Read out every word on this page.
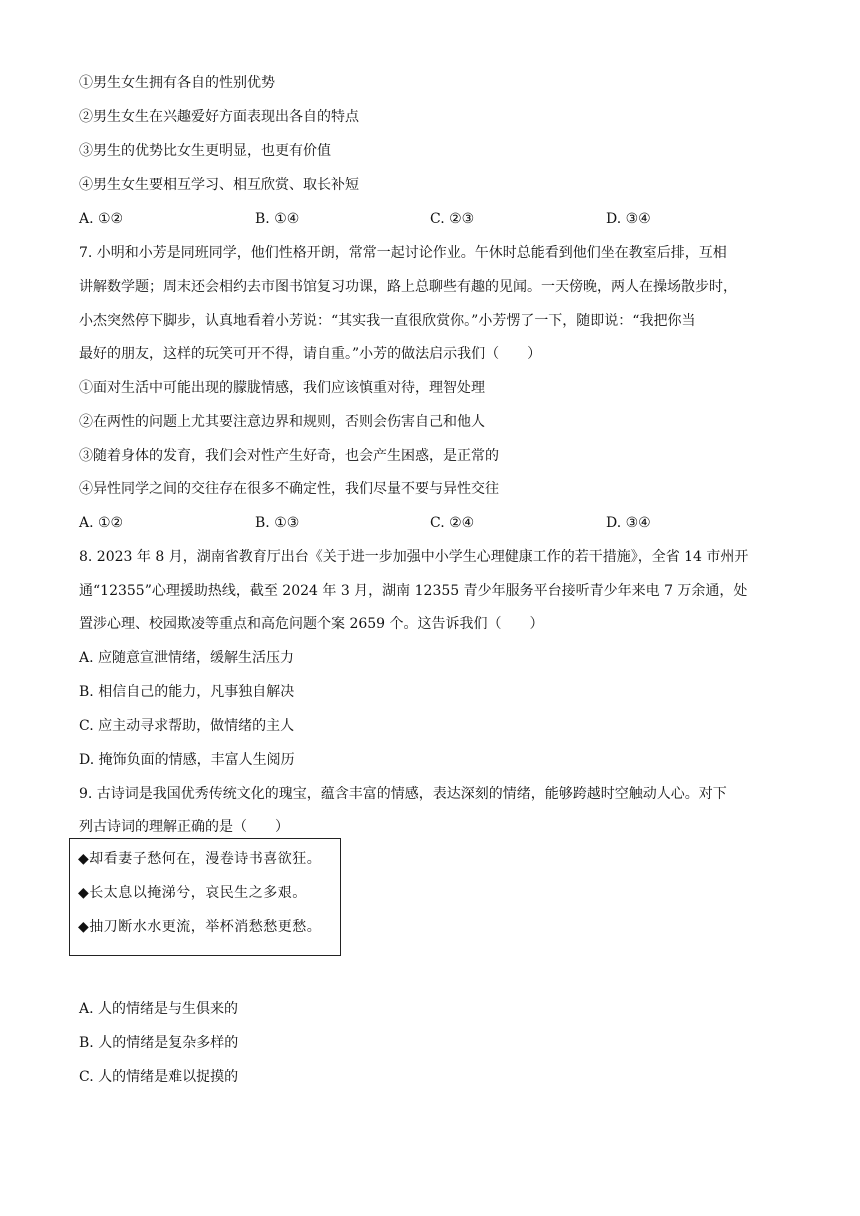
①男生女生拥有各自的性别优势
②男生女生在兴趣爱好方面表现出各自的特点
③男生的优势比女生更明显，也更有价值
④男生女生要相互学习、相互欣赏、取长补短
A. ①②	B. ①④	C. ②③	D. ③④
7. 小明和小芳是同班同学，他们性格开朗，常常一起讨论作业。午休时总能看到他们坐在教室后排，互相
讲解数学题；周末还会相约去市图书馆复习功课，路上总聊些有趣的见闻。一天傍晚，两人在操场散步时，
小杰突然停下脚步，认真地看着小芳说：“其实我一直很欣赏你。”小芳愣了一下，随即说：“我把你当
最好的朋友，这样的玩笑可开不得，请自重。”小芳的做法启示我们（　　）
①面对生活中可能出现的朦胧情感，我们应该慎重对待，理智处理
②在两性的问题上尤其要注意边界和规则，否则会伤害自己和他人
③随着身体的发育，我们会对性产生好奇，也会产生困惑，是正常的
④异性同学之间的交往存在很多不确定性，我们尽量不要与异性交往
A. ①②	B. ①③	C. ②④	D. ③④
8. 2023 年 8 月，湖南省教育厅出台《关于进一步加强中小学生心理健康工作的若干措施》，全省 14 市州开
通“12355”心理援助热线，截至 2024 年 3 月，湖南 12355 青少年服务平台接听青少年来电 7 万余通，处
置涉心理、校园欺凌等重点和高危问题个案 2659 个。这告诉我们（　　）
A. 应随意宣泄情绪，缓解生活压力
B. 相信自己的能力，凡事独自解决
C. 应主动寻求帮助，做情绪的主人
D. 掩饰负面的情感，丰富人生阅历
9. 古诗词是我国优秀传统文化的瑰宝，蕴含丰富的情感，表达深刻的情绪，能够跨越时空触动人心。对下
列古诗词的理解正确的是（　　）
◆却看妻子愁何在，漫卷诗书喜欲狂。
◆长太息以掩涕兮，哀民生之多艰。
◆抽刀断水水更流，举杯消愁愁更愁。
A. 人的情绪是与生俱来的
B. 人的情绪是复杂多样的
C. 人的情绪是难以捉摸的
